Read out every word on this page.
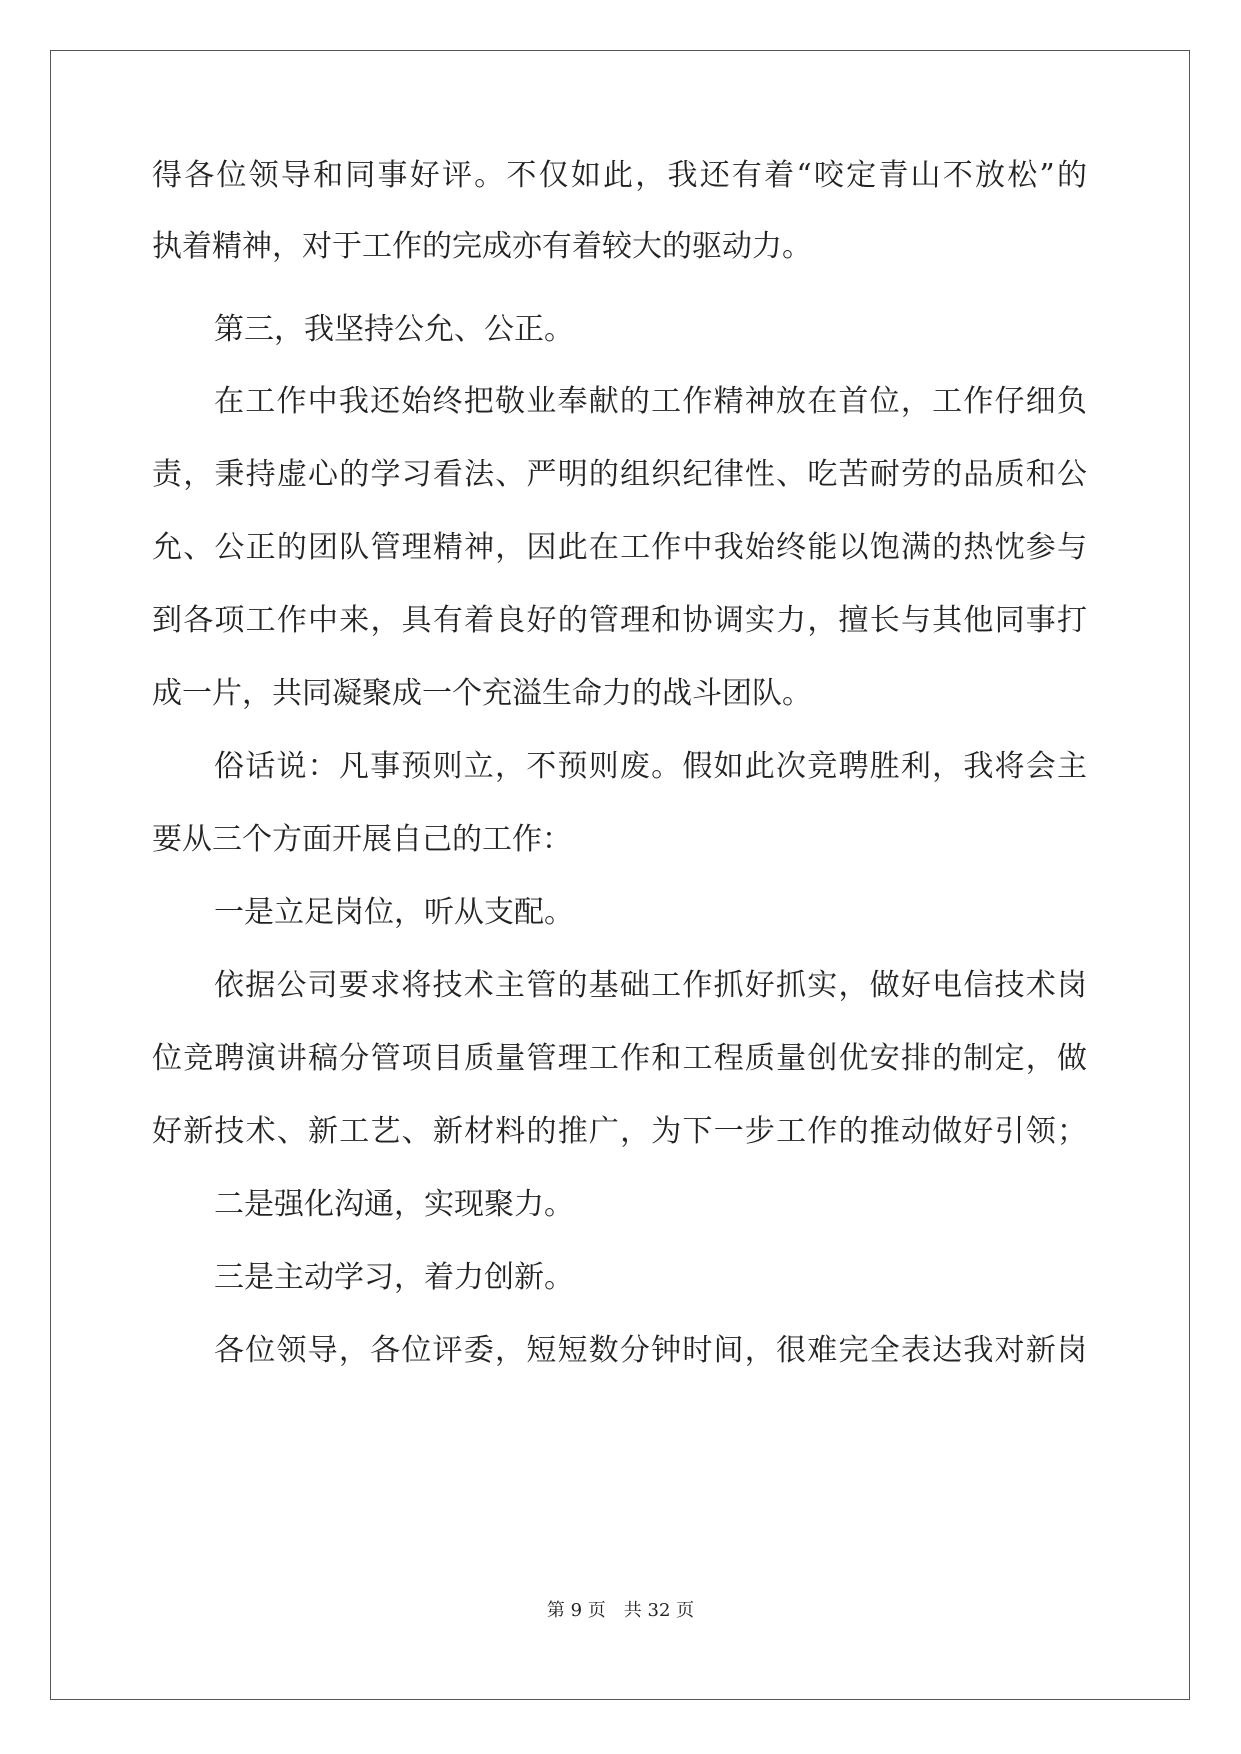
得各位领导和同事好评。不仅如此，我还有着“咬定青山不放松”的

执着精神，对于工作的完成亦有着较大的驱动力。

第三，我坚持公允、公正。

在工作中我还始终把敬业奉献的工作精神放在首位，工作仔细负

责，秉持虚心的学习看法、严明的组织纪律性、吃苦耐劳的品质和公

允、公正的团队管理精神，因此在工作中我始终能以饱满的热忱参与

到各项工作中来，具有着良好的管理和协调实力，擅长与其他同事打

成一片，共同凝聚成一个充溢生命力的战斗团队。

俗话说：凡事预则立，不预则废。假如此次竞聘胜利，我将会主

要从三个方面开展自己的工作：

一是立足岗位，听从支配。

依据公司要求将技术主管的基础工作抓好抓实，做好电信技术岗

位竞聘演讲稿分管项目质量管理工作和工程质量创优安排的制定，做

好新技术、新工艺、新材料的推广，为下一步工作的推动做好引领；

二是强化沟通，实现聚力。

三是主动学习，着力创新。

各位领导，各位评委，短短数分钟时间，很难完全表达我对新岗

第 9 页　共 32 页
